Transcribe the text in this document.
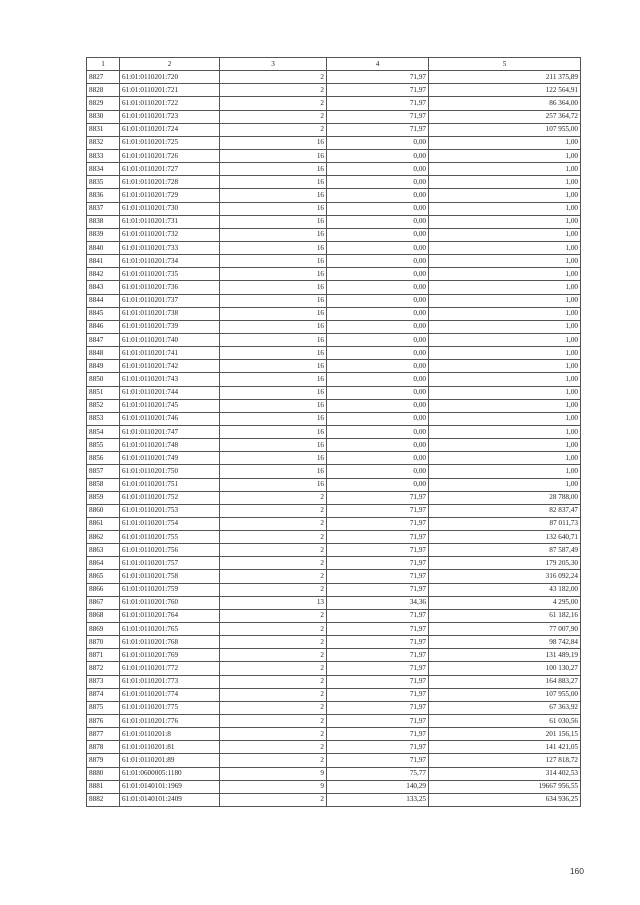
1	2	3	4	5
8827	61:01:0110201:720	2	71,97	211 375,89
8828	61:01:0110201:721	2	71,97	122 564,91
8829	61:01:0110201:722	2	71,97	86 364,00
8830	61:01:0110201:723	2	71,97	257 364,72
8831	61:01:0110201:724	2	71,97	107 955,00
8832	61:01:0110201:725	16	0,00	1,00
8833	61:01:0110201:726	16	0,00	1,00
8834	61:01:0110201:727	16	0,00	1,00
8835	61:01:0110201:728	16	0,00	1,00
8836	61:01:0110201:729	16	0,00	1,00
8837	61:01:0110201:730	16	0,00	1,00
8838	61:01:0110201:731	16	0,00	1,00
8839	61:01:0110201:732	16	0,00	1,00
8840	61:01:0110201:733	16	0,00	1,00
8841	61:01:0110201:734	16	0,00	1,00
8842	61:01:0110201:735	16	0,00	1,00
8843	61:01:0110201:736	16	0,00	1,00
8844	61:01:0110201:737	16	0,00	1,00
8845	61:01:0110201:738	16	0,00	1,00
8846	61:01:0110201:739	16	0,00	1,00
8847	61:01:0110201:740	16	0,00	1,00
8848	61:01:0110201:741	16	0,00	1,00
8849	61:01:0110201:742	16	0,00	1,00
8850	61:01:0110201:743	16	0,00	1,00
8851	61:01:0110201:744	16	0,00	1,00
8852	61:01:0110201:745	16	0,00	1,00
8853	61:01:0110201:746	16	0,00	1,00
8854	61:01:0110201:747	16	0,00	1,00
8855	61:01:0110201:748	16	0,00	1,00
8856	61:01:0110201:749	16	0,00	1,00
8857	61:01:0110201:750	16	0,00	1,00
8858	61:01:0110201:751	16	0,00	1,00
8859	61:01:0110201:752	2	71,97	28 788,00
8860	61:01:0110201:753	2	71,97	82 837,47
8861	61:01:0110201:754	2	71,97	87 011,73
8862	61:01:0110201:755	2	71,97	132 640,71
8863	61:01:0110201:756	2	71,97	87 587,49
8864	61:01:0110201:757	2	71,97	179 205,30
8865	61:01:0110201:758	2	71,97	316 092,24
8866	61:01:0110201:759	2	71,97	43 182,00
8867	61:01:0110201:760	13	34,36	4 295,00
8868	61:01:0110201:764	2	71,97	61 182,16
8869	61:01:0110201:765	2	71,97	77 007,90
8870	61:01:0110201:768	2	71,97	98 742,84
8871	61:01:0110201:769	2	71,97	131 489,19
8872	61:01:0110201:772	2	71,97	100 130,27
8873	61:01:0110201:773	2	71,97	164 883,27
8874	61:01:0110201:774	2	71,97	107 955,00
8875	61:01:0110201:775	2	71,97	67 363,92
8876	61:01:0110201:776	2	71,97	61 030,56
8877	61:01:0110201:8	2	71,97	201 156,15
8878	61:01:0110201:81	2	71,97	141 421,05
8879	61:01:0110201:89	2	71,97	127 818,72
8880	61:01:0600005:1180	9	75,77	314 402,53
8881	61:01:0140101:1969	9	140,29	19667 956,55
8882	61:01:0140101:2409	2	133,25	634 936,25
160
